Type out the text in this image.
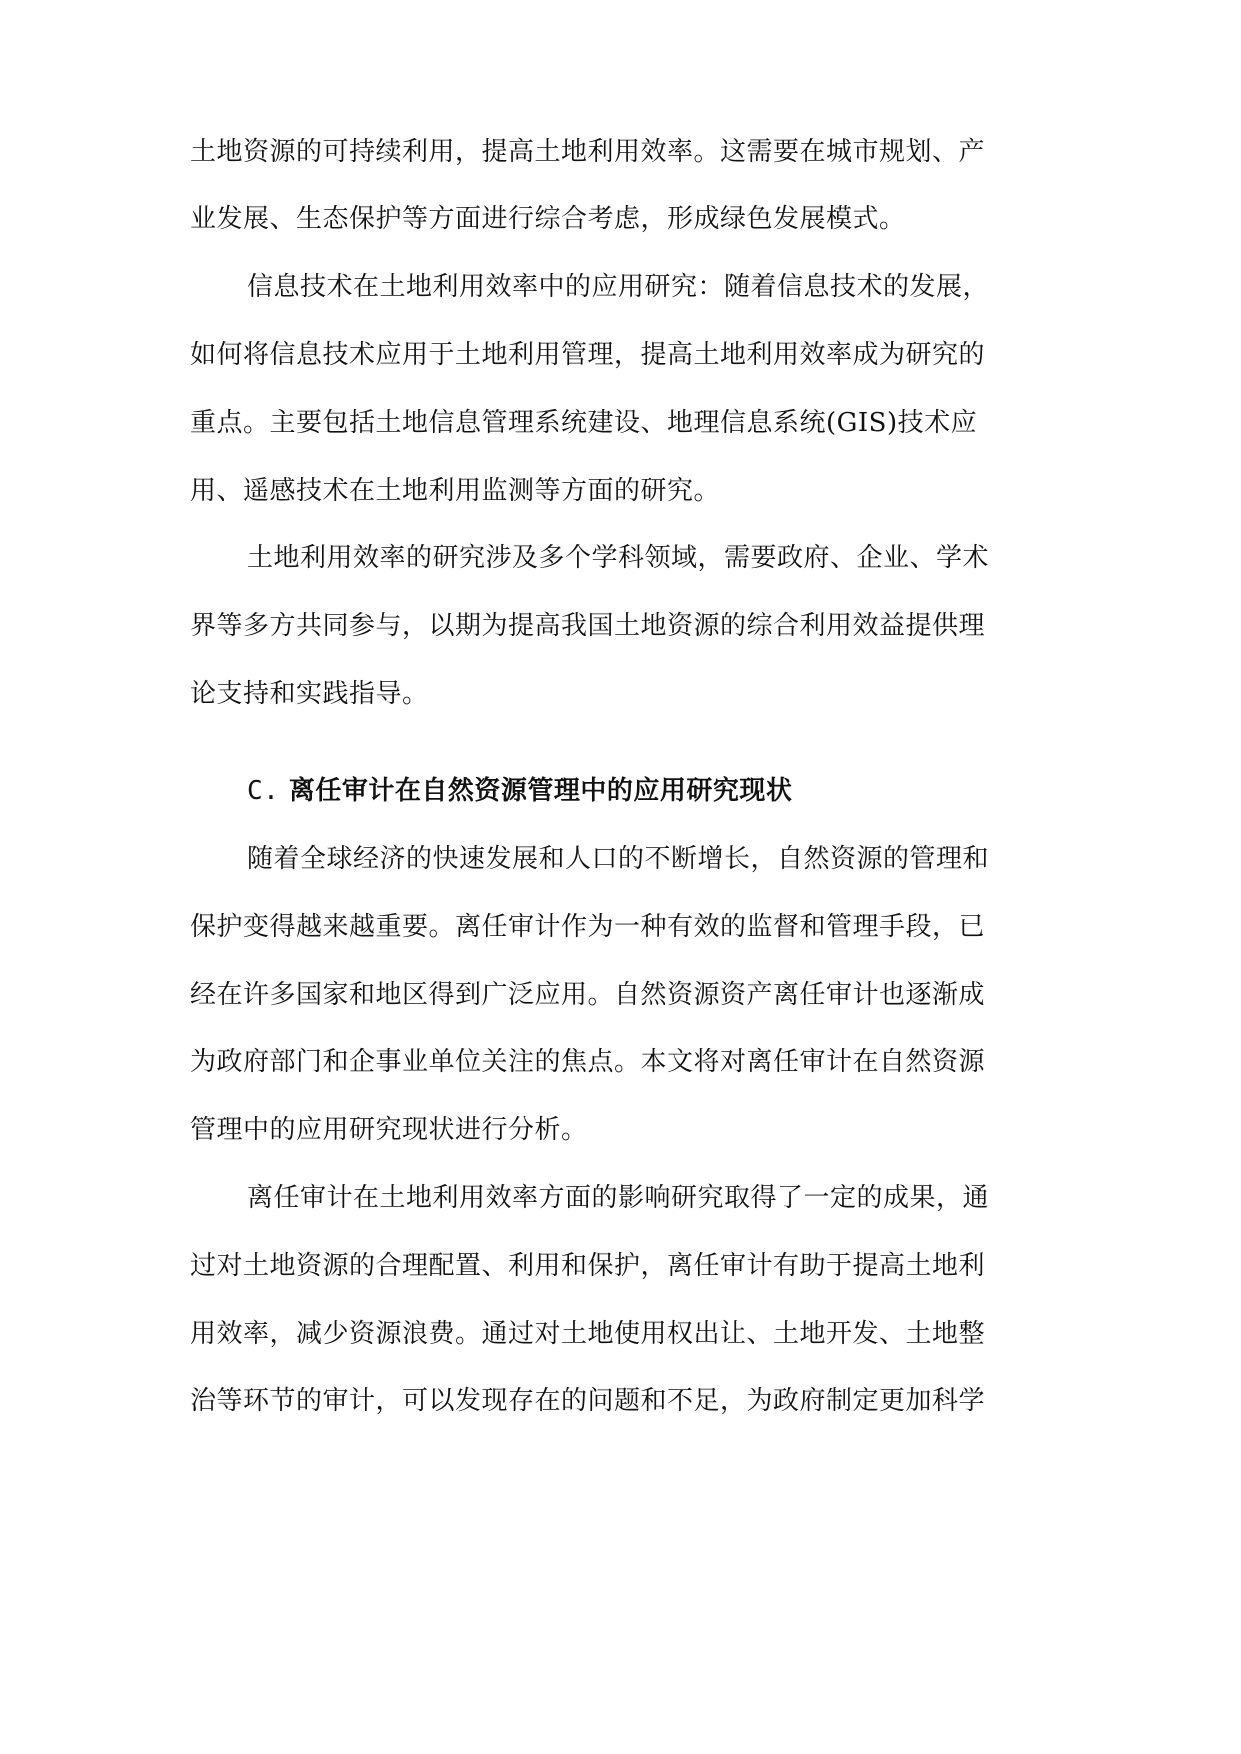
土地资源的可持续利用，提高土地利用效率。这需要在城市规划、产
业发展、生态保护等方面进行综合考虑，形成绿色发展模式。
信息技术在土地利用效率中的应用研究：随着信息技术的发展，
如何将信息技术应用于土地利用管理，提高土地利用效率成为研究的
重点。主要包括土地信息管理系统建设、地理信息系统(GIS)技术应
用、遥感技术在土地利用监测等方面的研究。
土地利用效率的研究涉及多个学科领域，需要政府、企业、学术
界等多方共同参与，以期为提高我国土地资源的综合利用效益提供理
论支持和实践指导。
C. 离任审计在自然资源管理中的应用研究现状
随着全球经济的快速发展和人口的不断增长，自然资源的管理和
保护变得越来越重要。离任审计作为一种有效的监督和管理手段，已
经在许多国家和地区得到广泛应用。自然资源资产离任审计也逐渐成
为政府部门和企事业单位关注的焦点。本文将对离任审计在自然资源
管理中的应用研究现状进行分析。
离任审计在土地利用效率方面的影响研究取得了一定的成果，通
过对土地资源的合理配置、利用和保护，离任审计有助于提高土地利
用效率，减少资源浪费。通过对土地使用权出让、土地开发、土地整
治等环节的审计，可以发现存在的问题和不足，为政府制定更加科学
